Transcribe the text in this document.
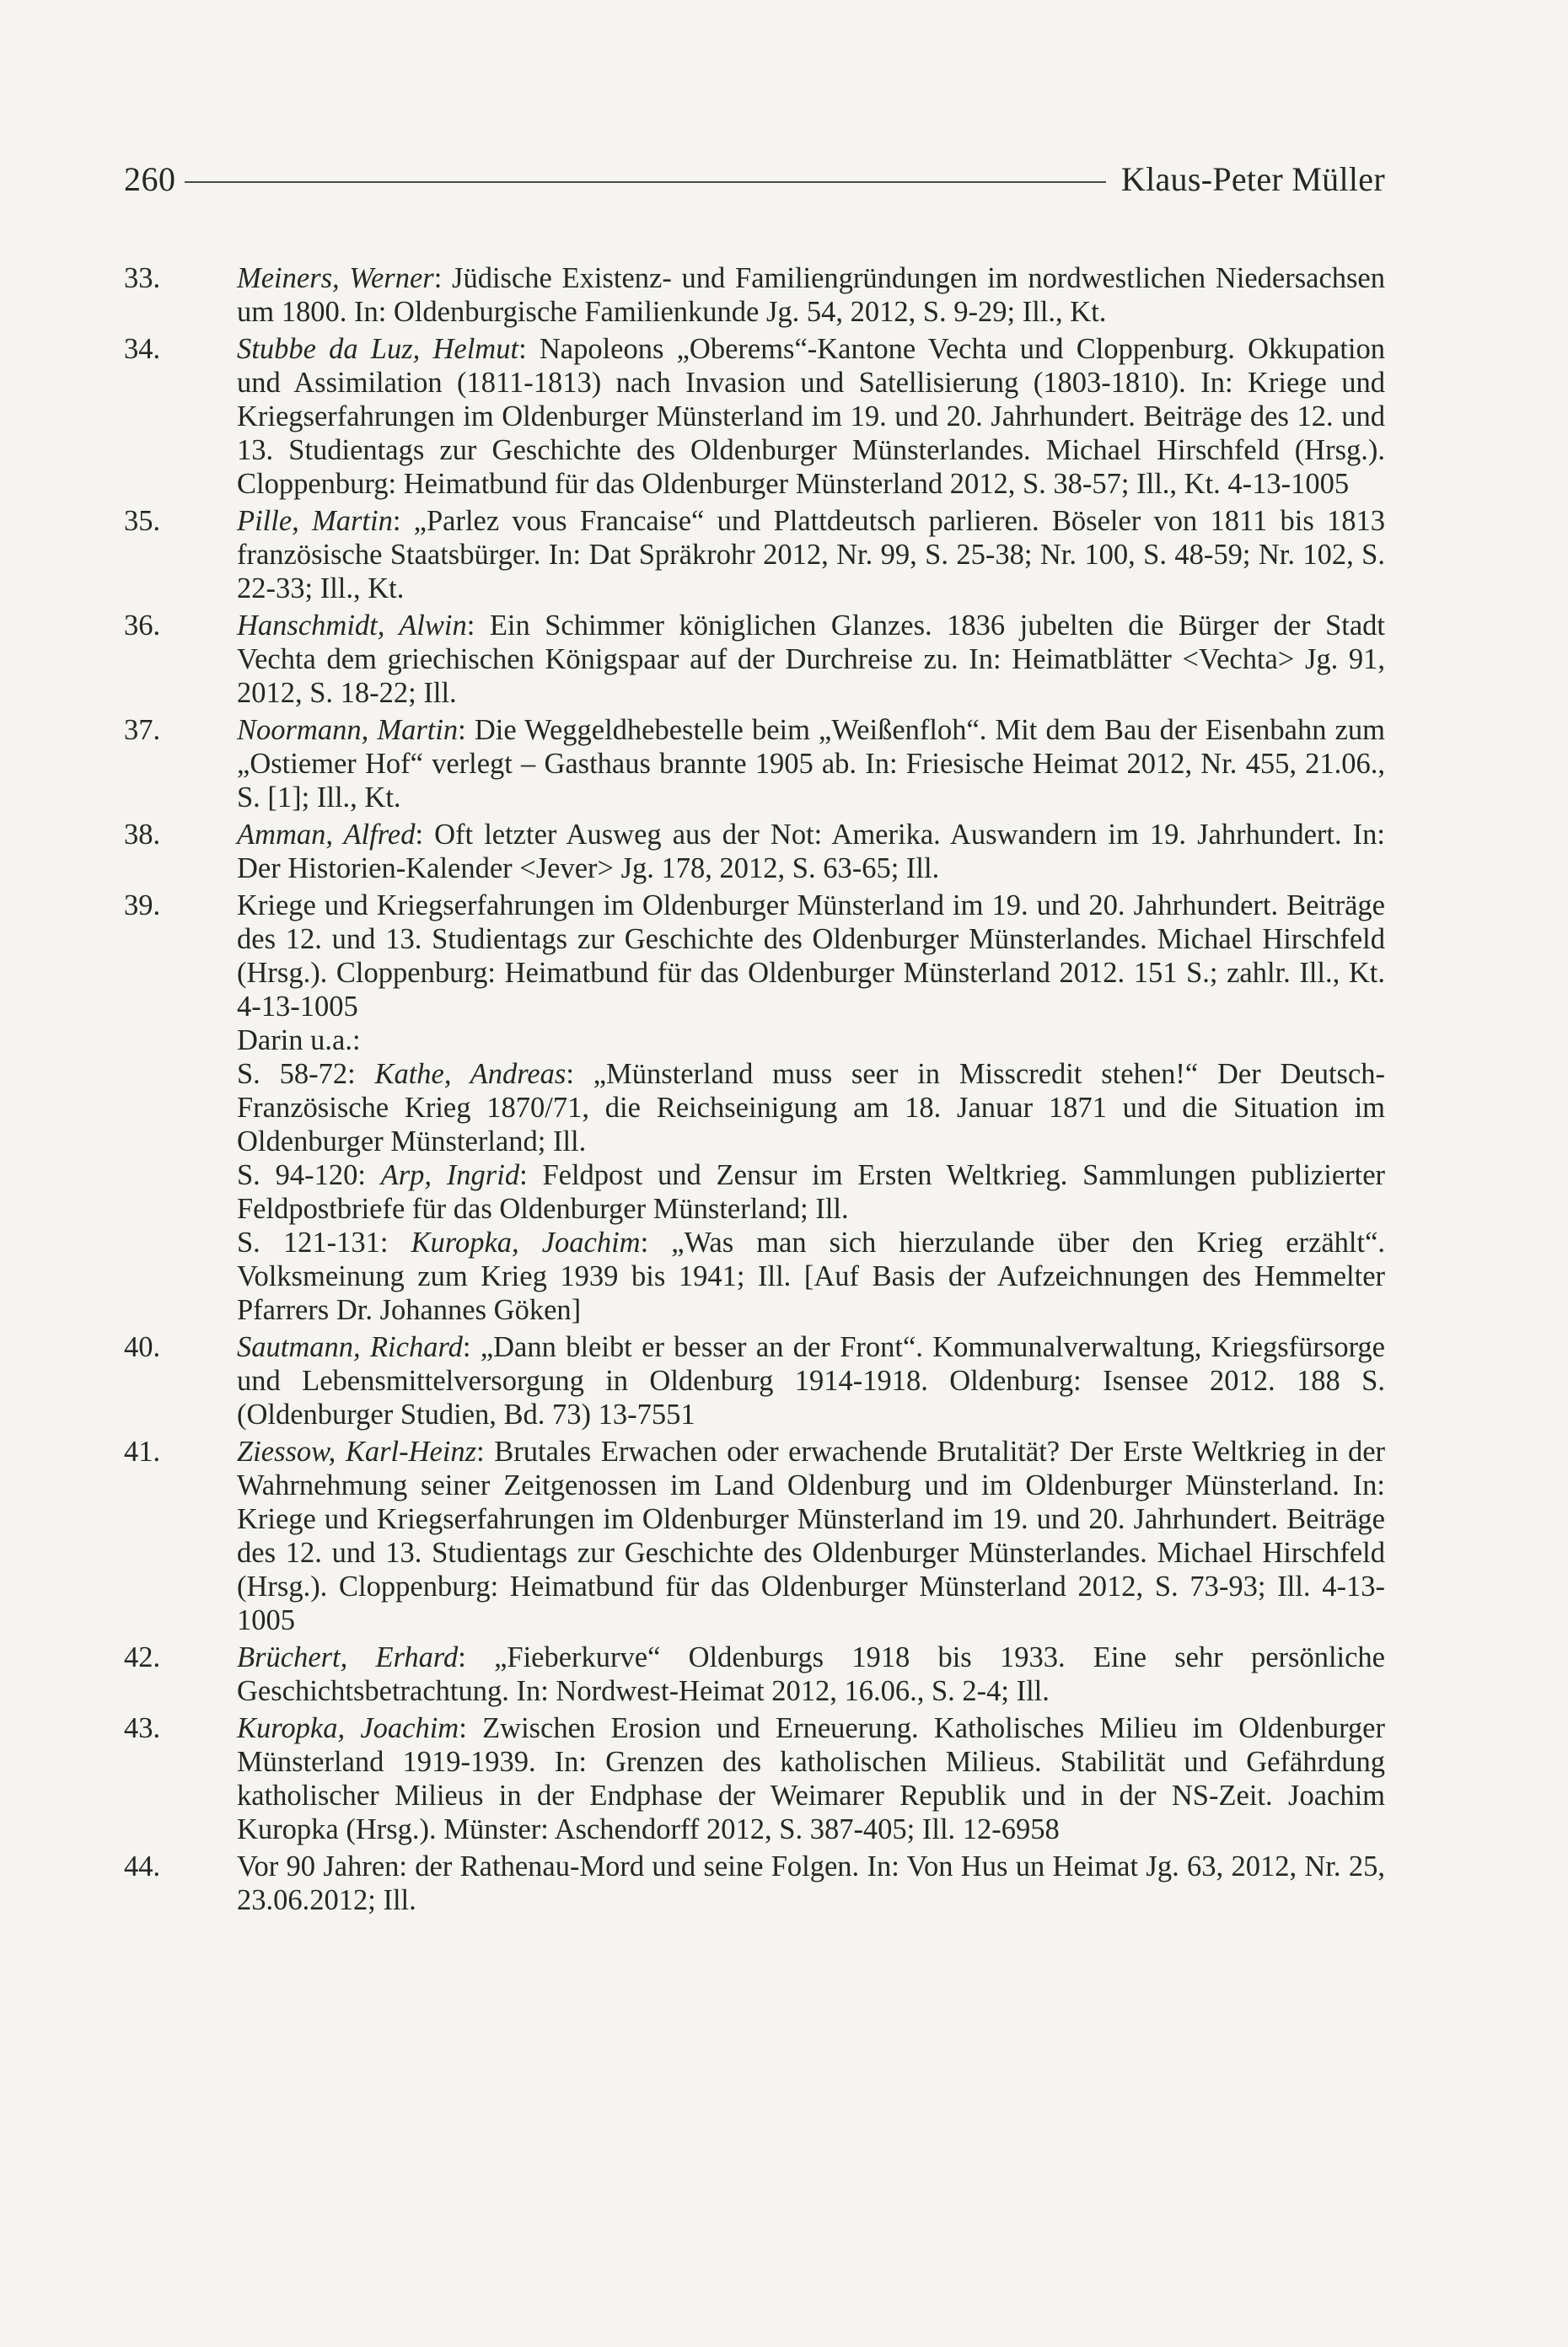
260	Klaus-Peter Müller
33.	Meiners, Werner: Jüdische Existenz- und Familiengründungen im nordwestlichen Niedersachsen um 1800. In: Oldenburgische Familienkunde Jg. 54, 2012, S. 9-29; Ill., Kt.
34.	Stubbe da Luz, Helmut: Napoleons „Oberems“-Kantone Vechta und Cloppenburg. Okkupation und Assimilation (1811-1813) nach Invasion und Satellisierung (1803-1810). In: Kriege und Kriegserfahrungen im Oldenburger Münsterland im 19. und 20. Jahrhundert. Beiträge des 12. und 13. Studientags zur Geschichte des Oldenburger Münsterlandes. Michael Hirschfeld (Hrsg.). Cloppenburg: Heimatbund für das Oldenburger Münsterland 2012, S. 38-57; Ill., Kt. 4-13-1005
35.	Pille, Martin: „Parlez vous Francaise“ und Plattdeutsch parlieren. Böseler von 1811 bis 1813 französische Staatsbürger. In: Dat Spräkrohr 2012, Nr. 99, S. 25-38; Nr. 100, S. 48-59; Nr. 102, S. 22-33; Ill., Kt.
36.	Hanschmidt, Alwin: Ein Schimmer königlichen Glanzes. 1836 jubelten die Bürger der Stadt Vechta dem griechischen Königspaar auf der Durchreise zu. In: Heimatblätter <Vechta> Jg. 91, 2012, S. 18-22; Ill.
37.	Noormann, Martin: Die Weggeldhebestelle beim „Weißenfloh“. Mit dem Bau der Eisenbahn zum „Ostiemer Hof“ verlegt – Gasthaus brannte 1905 ab. In: Friesische Heimat 2012, Nr. 455, 21.06., S. [1]; Ill., Kt.
38.	Amman, Alfred: Oft letzter Ausweg aus der Not: Amerika. Auswandern im 19. Jahrhundert. In: Der Historien-Kalender <Jever> Jg. 178, 2012, S. 63-65; Ill.
39.	Kriege und Kriegserfahrungen im Oldenburger Münsterland im 19. und 20. Jahrhundert. Beiträge des 12. und 13. Studientags zur Geschichte des Oldenburger Münsterlandes. Michael Hirschfeld (Hrsg.). Cloppenburg: Heimatbund für das Oldenburger Münsterland 2012. 151 S.; zahlr. Ill., Kt. 4-13-1005
Darin u.a.:
S. 58-72: Kathe, Andreas: „Münsterland muss seer in Misscredit stehen!“ Der Deutsch-Französische Krieg 1870/71, die Reichseinigung am 18. Januar 1871 und die Situation im Oldenburger Münsterland; Ill.
S. 94-120: Arp, Ingrid: Feldpost und Zensur im Ersten Weltkrieg. Sammlungen publizierter Feldpostbriefe für das Oldenburger Münsterland; Ill.
S. 121-131: Kuropka, Joachim: „Was man sich hierzulande über den Krieg erzählt“. Volksmeinung zum Krieg 1939 bis 1941; Ill. [Auf Basis der Aufzeichnungen des Hemmelter Pfarrers Dr. Johannes Göken]
40.	Sautmann, Richard: „Dann bleibt er besser an der Front“. Kommunalverwaltung, Kriegsfürsorge und Lebensmittelversorgung in Oldenburg 1914-1918. Oldenburg: Isensee 2012. 188 S. (Oldenburger Studien, Bd. 73) 13-7551
41.	Ziessow, Karl-Heinz: Brutales Erwachen oder erwachende Brutalität? Der Erste Weltkrieg in der Wahrnehmung seiner Zeitgenossen im Land Oldenburg und im Oldenburger Münsterland. In: Kriege und Kriegserfahrungen im Oldenburger Münsterland im 19. und 20. Jahrhundert. Beiträge des 12. und 13. Studientags zur Geschichte des Oldenburger Münsterlandes. Michael Hirschfeld (Hrsg.). Cloppenburg: Heimatbund für das Oldenburger Münsterland 2012, S. 73-93; Ill. 4-13-1005
42.	Brüchert, Erhard: „Fieberkurve“ Oldenburgs 1918 bis 1933. Eine sehr persönliche Geschichtsbetrachtung. In: Nordwest-Heimat 2012, 16.06., S. 2-4; Ill.
43.	Kuropka, Joachim: Zwischen Erosion und Erneuerung. Katholisches Milieu im Oldenburger Münsterland 1919-1939. In: Grenzen des katholischen Milieus. Stabilität und Gefährdung katholischer Milieus in der Endphase der Weimarer Republik und in der NS-Zeit. Joachim Kuropka (Hrsg.). Münster: Aschendorff 2012, S. 387-405; Ill. 12-6958
44.	Vor 90 Jahren: der Rathenau-Mord und seine Folgen. In: Von Hus un Heimat Jg. 63, 2012, Nr. 25, 23.06.2012; Ill.
